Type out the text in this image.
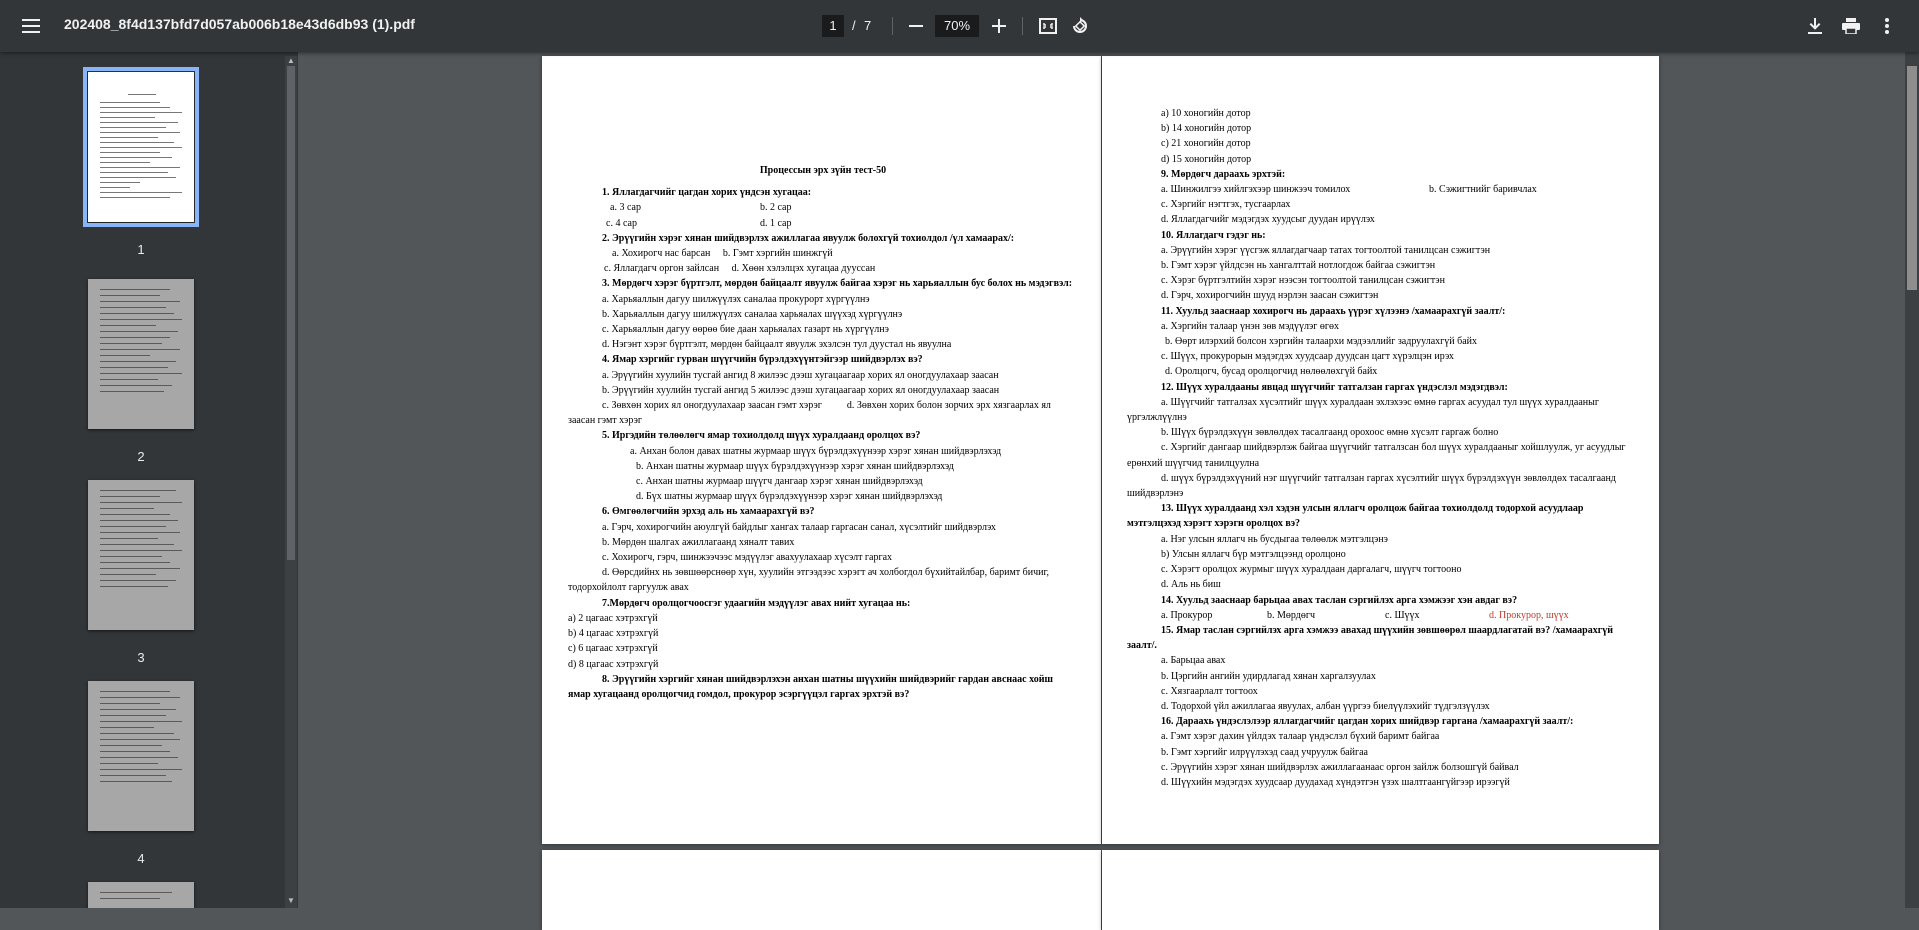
202408_8f4d137bfd7d057ab006b18e43d6db93 (1).pdf	1	/ 7	70%
1
2
3
4
▲
▼

Процессын эрх зүйн тест-50

1. Яллагдагчийг цагдан хорих үндсэн хугацаа:

a. 3 сар	b. 2 сар

c. 4 сар	d. 1 сар

2. Эрүүгийн хэрэг хянан шийдвэрлэх ажиллагаа явуулж болохгүй тохиолдол /үл хамаарах/:

a. Хохирогч нас барсан b. Гэмт хэргийн шинжгүй

c. Яллагдагч оргон зайлсан d. Хөөн хэлэлцэх хугацаа дууссан

3. Мөрдөгч хэрэг бүртгэлт, мөрдөн байцаалт явуулж байгаа хэрэг нь харьяаллын бус болох нь мэдэгвэл:

a. Харьяаллын дагуу шилжүүлэх саналаа прокурорт хүргүүлнэ

b. Харьяаллын дагуу шилжүүлэх саналаа харьяалах шүүхэд хүргүүлнэ

c. Харьяаллын дагуу өөрөө бие даан харьяалах газарт нь хүргүүлнэ

d. Нэгэнт хэрэг бүртгэлт, мөрдөн байцаалт явуулж эхэлсэн тул дуустал нь явуулна

4. Ямар хэргийг гурван шүүгчийн бүрэлдэхүүнтэйгээр шийдвэрлэх вэ?

a. Эрүүгийн хуулийн тусгай ангид 8 жилээс дээш хугацаагаар хорих ял оногдуулахаар заасан

b. Эрүүгийн хуулийн тусгай ангид 5 жилээс дээш хугацаагаар хорих ял оногдуулахаар заасан

c. Зөвхөн хорих ял оногдуулахаар заасан гэмт хэрэг	d. Зөвхөн хорих болон зорчих эрх хязгаарлах ял заасан гэмт хэрэг

5. Иргэдийн төлөөлөгч ямар тохиолдолд шүүх хуралдаанд оролцох вэ?

a. Анхан болон давах шатны журмаар шүүх бүрэлдэхүүнээр хэрэг хянан шийдвэрлэхэд

b. Анхан шатны журмаар шүүх бүрэлдэхүүнээр хэрэг хянан шийдвэрлэхэд

c. Анхан шатны журмаар шүүгч дангаар хэрэг хянан шийдвэрлэхэд

d. Бүх шатны журмаар шүүх бүрэлдэхүүнээр хэрэг хянан шийдвэрлэхэд

6. Өмгөөлөгчийн эрхэд аль нь хамаарахгүй вэ?

a. Гэрч, хохирогчийн аюулгүй байдлыг хангах талаар гаргасан санал, хүсэлтийг шийдвэрлэх

b. Мөрдөн шалгах ажиллагаанд хяналт тавих

c. Хохирогч, гэрч, шинжээчээс мэдүүлэг авахуулахаар хүсэлт гаргах

d. Өөрсдийнх нь зөвшөөрснөөр хүн, хуулийн этгээдээс хэрэгт ач холбогдол бүхийтайлбар, баримт бичиг, тодорхойлолт гаргуулж авах

7.Мөрдөгч оролцогчоосгэг удаагийн мэдүүлэг авах нийт хугацаа нь:

a) 2 цагаас хэтрэхгүй

b) 4 цагаас хэтрэхгүй

c) 6 цагаас хэтрэхгүй

d) 8 цагаас хэтрэхгүй

8. Эрүүгийн хэргийг хянан шийдвэрлэхэн анхан шатны шүүхийн шийдвэрийг гардан авснаас хойш ямар хугацаанд оролцогчид гомдол, прокурор эсэргүүцэл гаргах эрхтэй вэ?

a) 10 хоногийн дотор

b) 14 хоногийн дотор

c) 21 хоногийн дотор

d) 15 хоногийн дотор

9. Мөрдөгч дараахь эрхтэй:

a. Шинжилгээ хийлгэхээр шинжээч томилох	b. Сэжигтнийг баривчлах

c. Хэргийг нэгтгэх, тусгаарлах

d. Яллагдагчийг мэдэгдэх хуудсыг дуудан ирүүлэх

10. Яллагдагч гэдэг нь:

a. Эрүүгийн хэрэг үүсгэж яллагдагчаар татах тогтоолтой танилцсан сэжигтэн

b. Гэмт хэрэг үйлдсэн нь хангалттай нотлогдож байгаа сэжигтэн

c. Хэрэг бүртгэлтийн хэрэг нээсэн тогтоолтой танилцсан сэжигтэн

d. Гэрч, хохирогчийн шууд нэрлэн заасан сэжигтэн

11. Хуульд зааснаар хохирогч нь дараахь үүрэг хүлээнэ /хамаарахгүй заалт/:

a. Хэргийн талаар үнэн зөв мэдүүлэг өгөх

b. Өөрт илэрхий болсон хэргийн талаархи мэдээллийг задруулахгүй байх

c. Шүүх, прокурорын мэдэгдэх хуудсаар дуудсан цагт хүрэлцэн ирэх

d. Оролцогч, бусад оролцогчид нөлөөлөхгүй байх

12. Шүүх хуралдааны явцад шүүгчийг татгалзан гаргах үндэслэл мэдэгдвэл:

a. Шүүгчийг татгалзах хүсэлтийг шүүх хуралдаан эхлэхээс өмнө гаргах асуудал тул шүүх хуралдааныг үргэлжлүүлнэ

b. Шүүх бүрэлдэхүүн зөвлөлдөх тасалгаанд орохоос өмнө хүсэлт гаргаж болно

c. Хэргийг дангаар шийдвэрлэж байгаа шүүгчийг татгалзсан бол шүүх хуралдааныг хойшлуулж, уг асуудлыг ерөнхий шүүгчид танилцуулна

d. шүүх бүрэлдэхүүний нэг шүүгчийг татгалзан гаргах хүсэлтийг шүүх бүрэлдэхүүн зөвлөлдөх тасалгаанд шийдвэрлэнэ

13. Шүүх хуралдаанд хэл хэдэн улсын яллагч оролцож байгаа тохиолдолд тодорхой асуудлаар мэтгэлцэхэд хэрэгт хэрэгн оролцох вэ?

a. Нэг улсын яллагч нь бусдыгаа төлөөлж мэтгэлцэнэ

b) Улсын яллагч бүр мэтгэлцээнд оролцоно

c. Хэрэгт оролцох журмыг шүүх хуралдаан даргалагч, шүүгч тогтооно

d. Аль нь биш

14. Хуульд зааснаар барьцаа авах таслан сэргийлэх арга хэмжээг хэн авдаг вэ?

a. Прокурор	b. Мөрдөгч	c. Шүүх	d. Прокурор, шүүх

15. Ямар таслан сэргийлэх арга хэмжээ авахад шүүхийн зөвшөөрөл шаардлагатай вэ? /хамаарахгүй заалт/.

a. Барьцаа авах

b. Цэргийн ангийн удирдлагад хянан харгалзуулах

c. Хязгаарлалт тогтоох

d. Тодорхой үйл ажиллагаа явуулах, албан үүргээ биелүүлэхийг түдгэлзүүлэх

16. Дараахь үндэслэлээр яллагдагчийг цагдан хорих шийдвэр гаргана /хамаарахгүй заалт/:

a. Гэмт хэрэг дахин үйлдэх талаар үндэслэл бүхий баримт байгаа

b. Гэмт хэргийг илрүүлэхэд саад учруулж байгаа

c. Эрүүгийн хэрэг хянан шийдвэрлэх ажиллагаанаас оргон зайлж болзошгүй байвал

d. Шүүхийн мэдэгдэх хуудсаар дуудахад хүндэтгэн үзэх шалтгаангүйгээр ирээгүй
